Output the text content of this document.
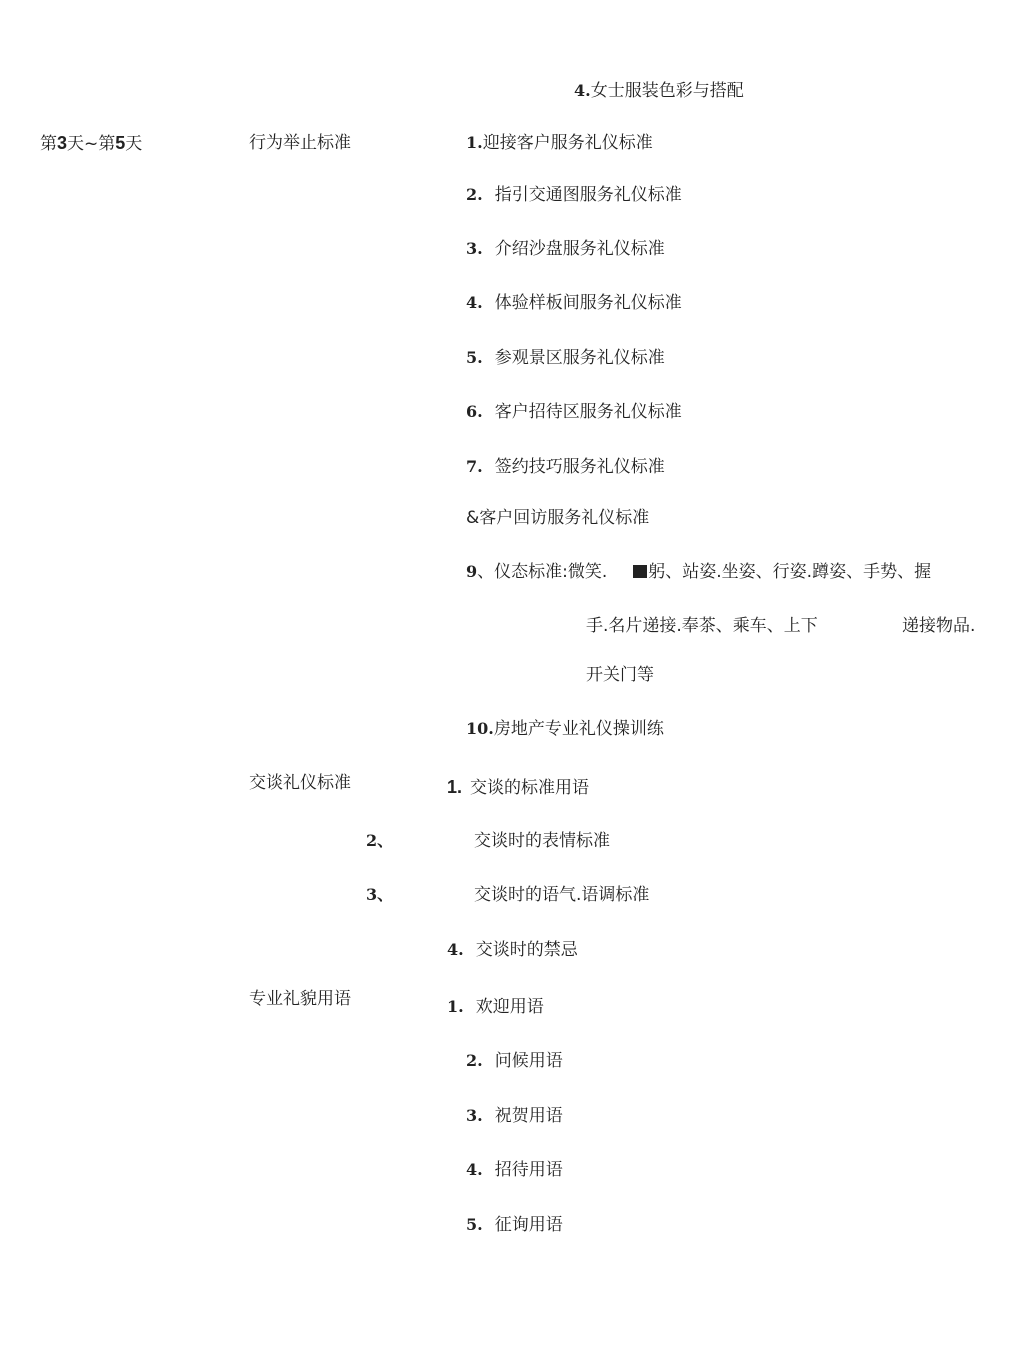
4.女士服装色彩与搭配
第3天~第5天	行为举止标准	1.迎接客户服务礼仪标准
2. 指引交通图服务礼仪标准
3. 介绍沙盘服务礼仪标准
4. 体验样板间服务礼仪标准
5. 参观景区服务礼仪标准
6. 客户招待区服务礼仪标准
7. 签约技巧服务礼仪标准
&客户回访服务礼仪标准
9、仪态标准:微笑. 躬、站姿.坐姿、行姿.蹲姿、手势、握
手.名片递接.奉茶、乘车、上下	递接物品.
开关门等
10.房地产专业礼仪操训练
交谈礼仪标准	1. 交谈的标准用语
2、	交谈时的表情标准
3、	交谈时的语气.语调标准
4. 交谈时的禁忌
专业礼貌用语	1. 欢迎用语
2. 问候用语
3. 祝贺用语
4. 招待用语
5. 征询用语
